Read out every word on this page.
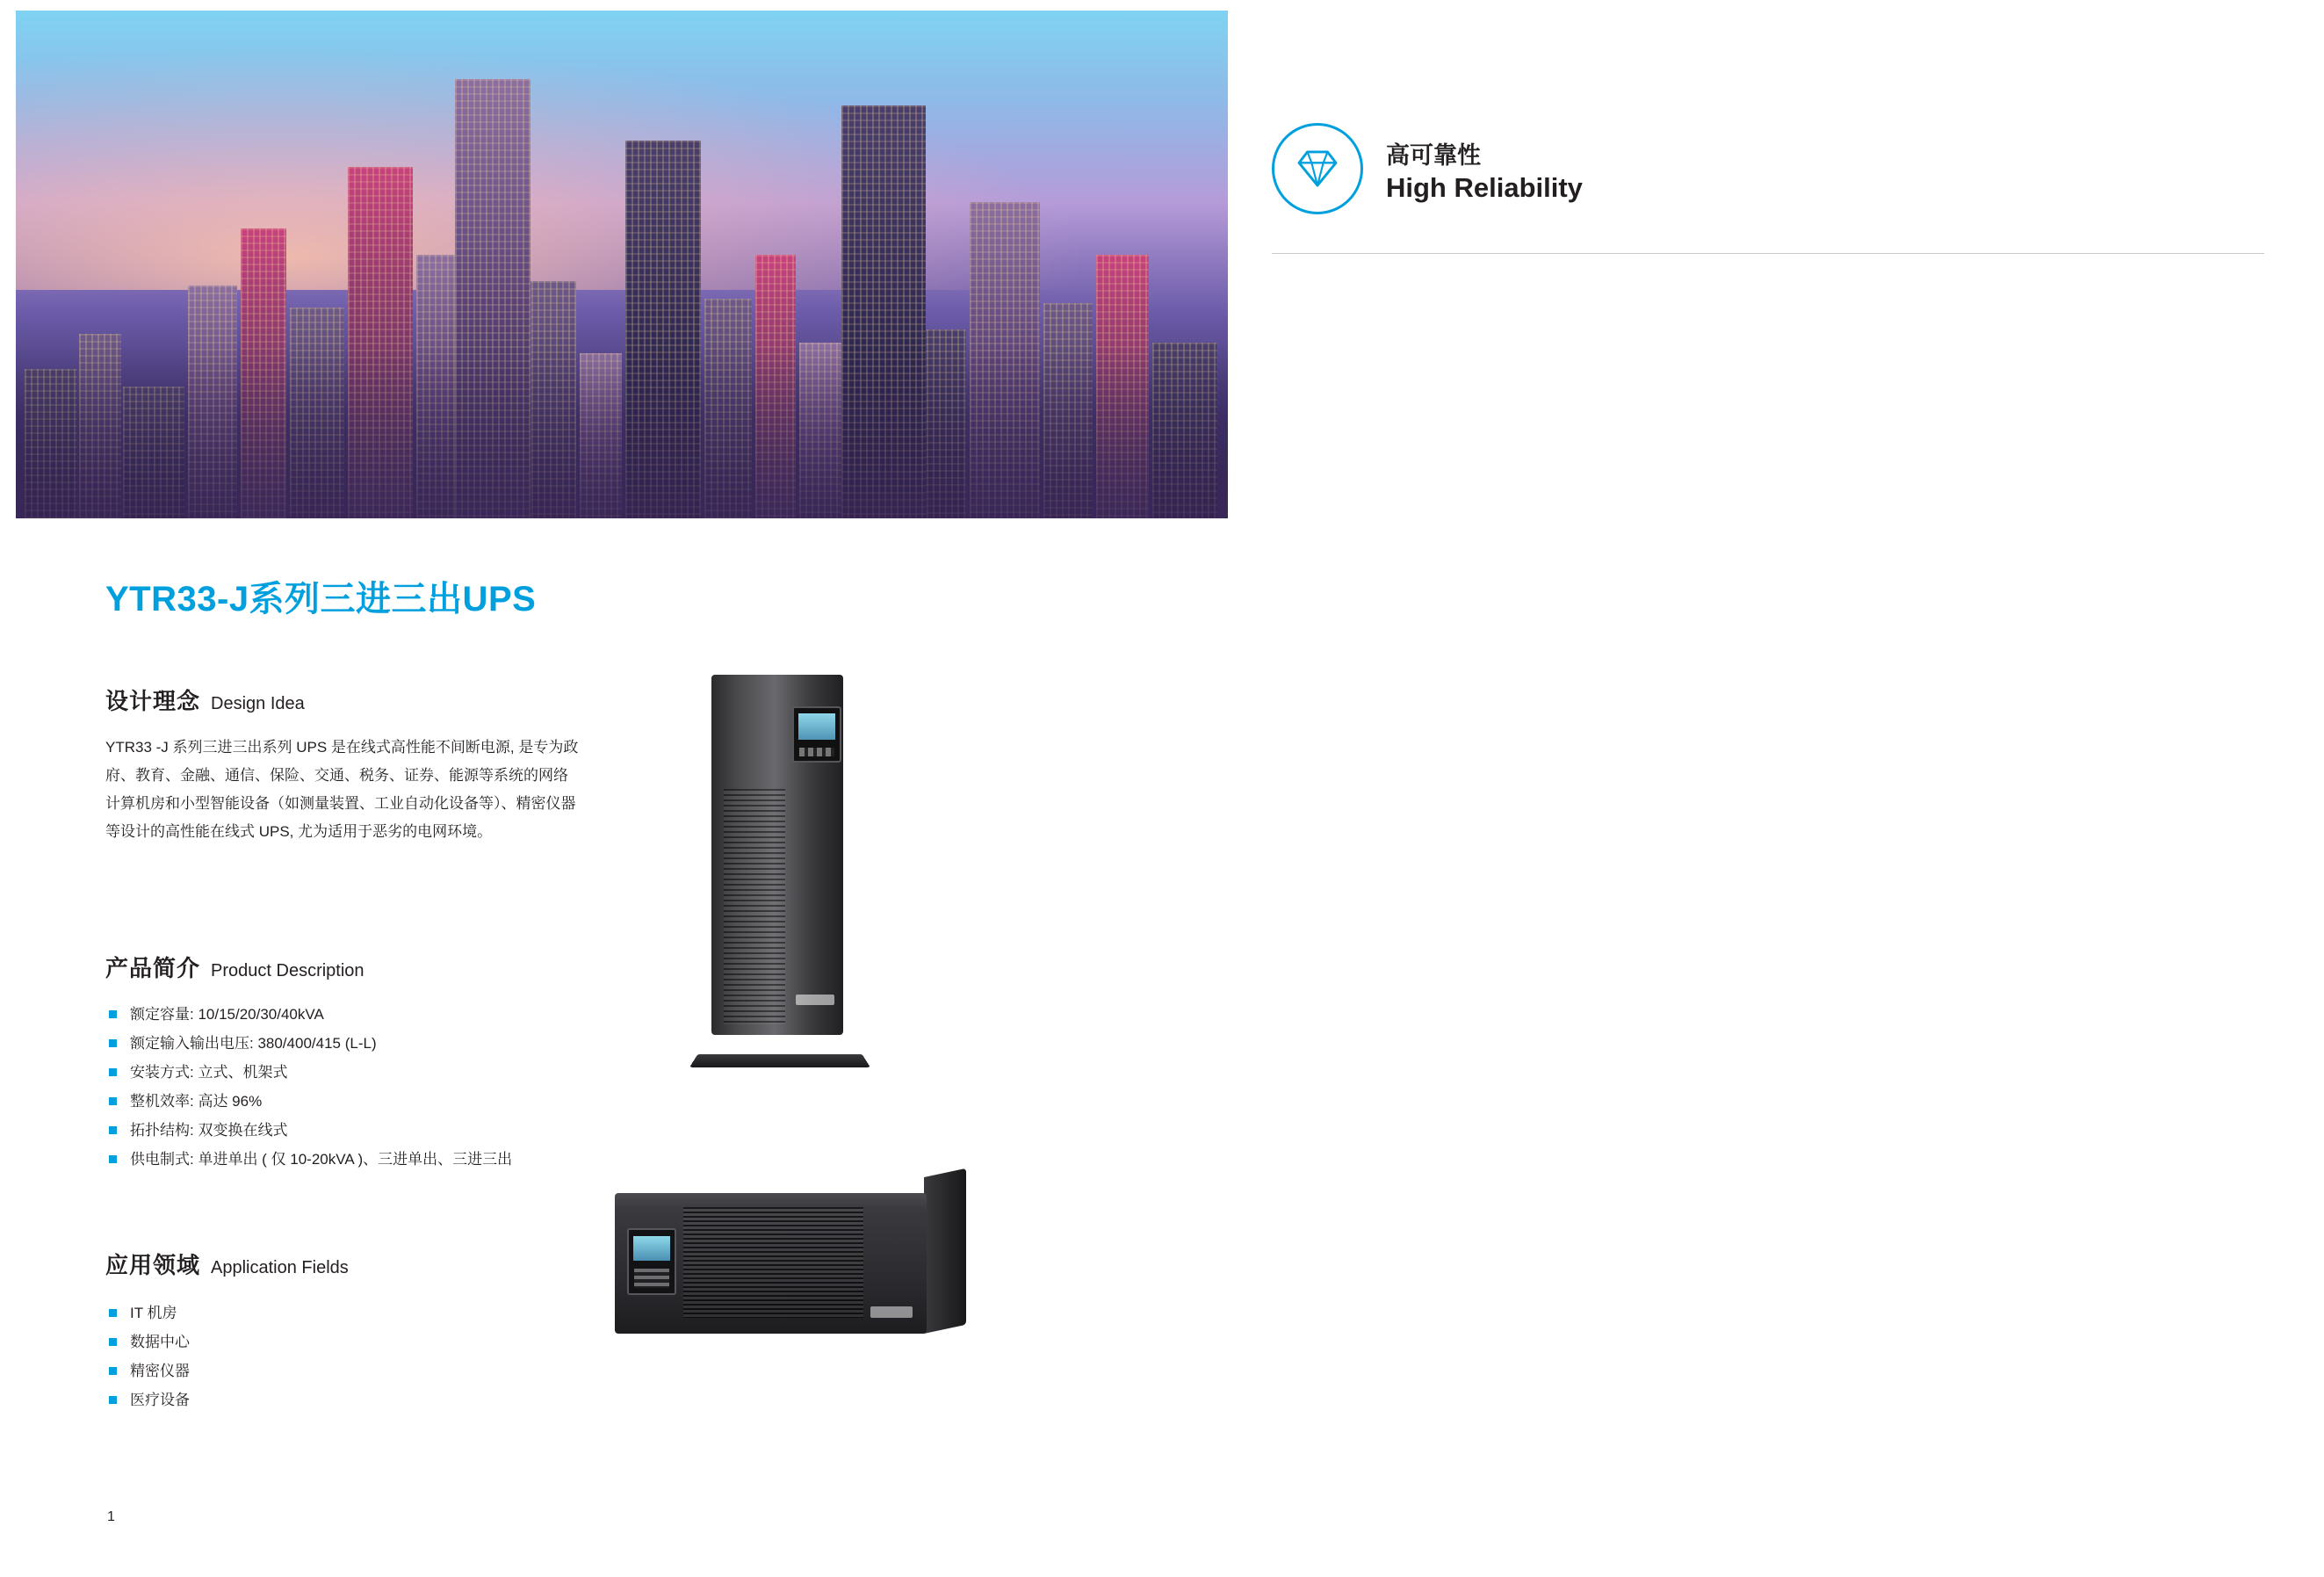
YTR33-J系列三进三出UPS
设计理念 Design Idea
YTR33 -J 系列三进三出系列 UPS 是在线式高性能不间断电源, 是专为政府、教育、金融、通信、保险、交通、税务、证券、能源等系统的网络计算机房和小型智能设备（如测量装置、工业自动化设备等）、精密仪器等设计的高性能在线式 UPS, 尤为适用于恶劣的电网环境。
产品简介 Product Description
额定容量: 10/15/20/30/40kVA
额定输入输出电压: 380/400/415 (L-L)
安装方式: 立式、机架式
整机效率: 高达 96%
拓扑结构: 双变换在线式
供电制式: 单进单出 ( 仅 10-20kVA )、三进单出、三进三出
应用领域 Application Fields
IT 机房
数据中心
精密仪器
医疗设备
1
高可靠性
High Reliability
